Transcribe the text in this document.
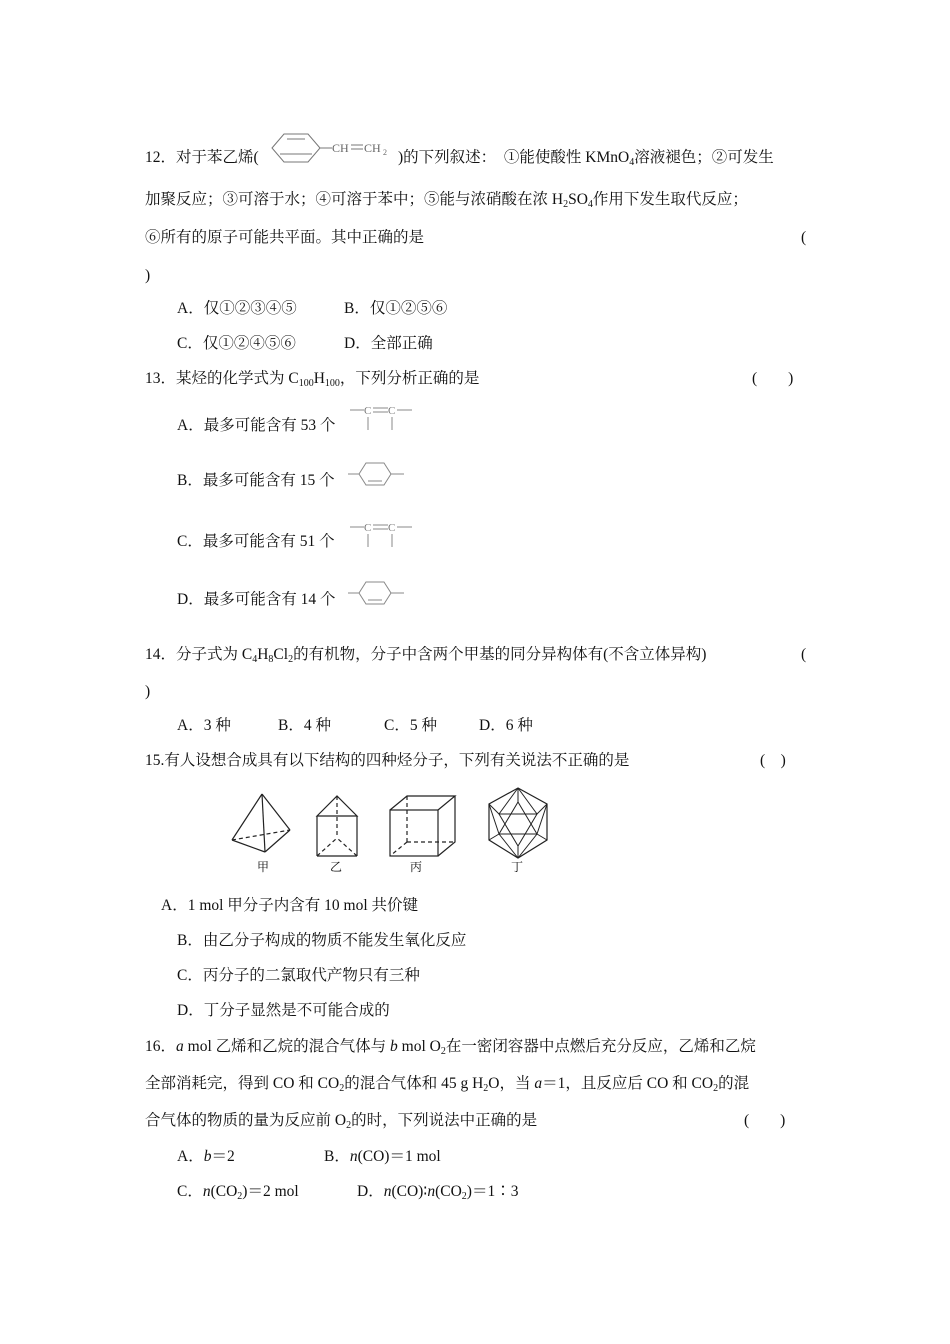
12．对于苯乙烯(
CH CH 2 )的下列叙述： ①能使酸性 KMnO$_4$溶液褪色；②可发生
加聚反应；③可溶于水；④可溶于苯中；⑤能与浓硝酸在浓 $H_2SO_4$作用下发生取代反应；
⑥所有的原子可能共平面。其中正确的是	(
)
A．仅①②③④⑤	B．仅①②⑤⑥
C．仅①②④⑤⑥	D．全部正确
13．某烃的化学式为 $C_{100}H_{100}$，下列分析正确的是	(　　)
A．最多可能含有 53 个
C C
B．最多可能含有 15 个
C．最多可能含有 51 个
C C
D．最多可能含有 14 个
14．分子式为 $C_4H_8Cl_2$的有机物，分子中含两个甲基的同分异构体有(不含立体异构)	(
)
A．3 种	B．4 种	C．5 种	D．6 种
15.有人设想合成具有以下结构的四种烃分子，下列有关说法不正确的是	(　)
甲	乙	丙	丁
A．1 mol 甲分子内含有 10 mol 共价键
B．由乙分子构成的物质不能发生氧化反应
C．丙分子的二氯取代产物只有三种
D．丁分子显然是不可能合成的
16．a mol 乙烯和乙烷的混合气体与 b mol $O_2$在一密闭容器中点燃后充分反应，乙烯和乙烷
全部消耗完，得到 CO 和 $CO_2$的混合气体和 45 g $H_2O$，当 a＝1，且反应后 CO 和 $CO_2$的混
合气体的物质的量为反应前 $O_2$的时，下列说法中正确的是	(　　)
A．b＝2	B．n(CO)＝1 mol
C．$n(CO_2)=2$ mol	D．$n(CO)∶n(CO_2)=1∶3$
